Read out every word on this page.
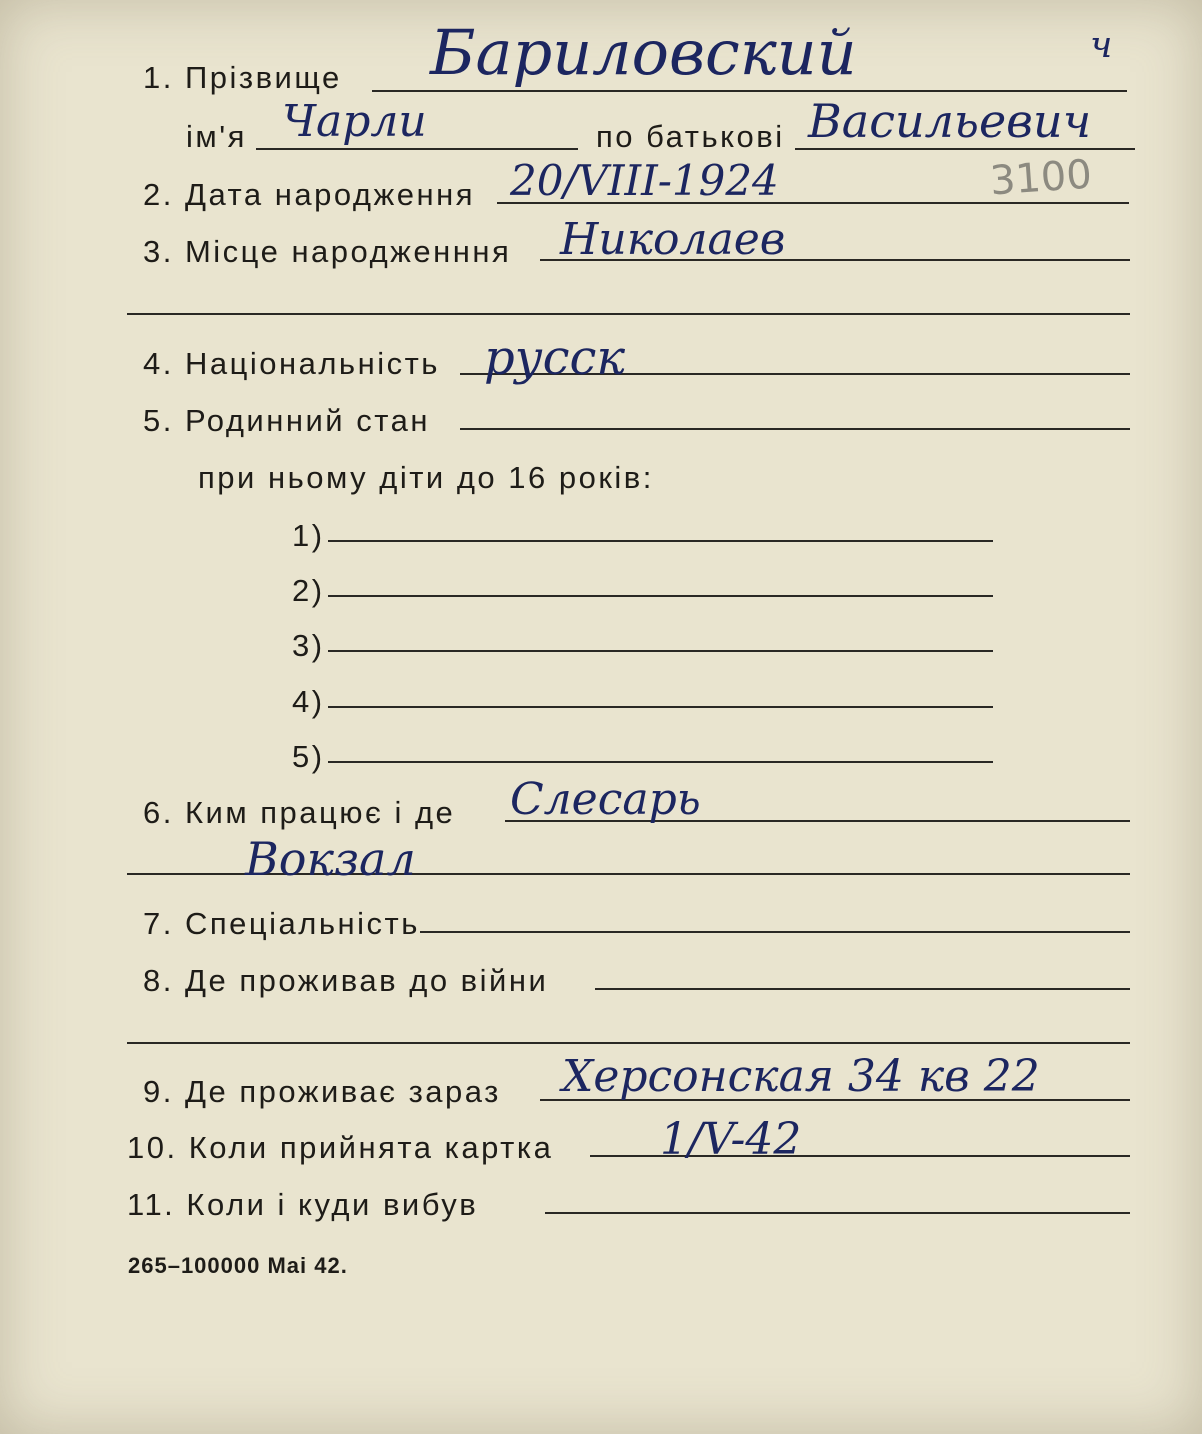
1. Прізвище Бариловский	ч
ім'я Чарли	по батькові Васильевич
3100
2. Дата народження 20/VIII-1924
3. Місце народженння Николаев
4. Національність русск
5. Родинний стан
при ньому діти до 16 років:
1)
2)
3)
4)
5)
6. Ким працює і де Слесарь
Вокзал
7. Спеціальність
8. Де проживав до війни
9. Де проживає зараз Херсонская 34 кв 22
10. Коли прийнята картка 1/V-42
11. Коли і куди вибув
265–100000 Mai 42.
